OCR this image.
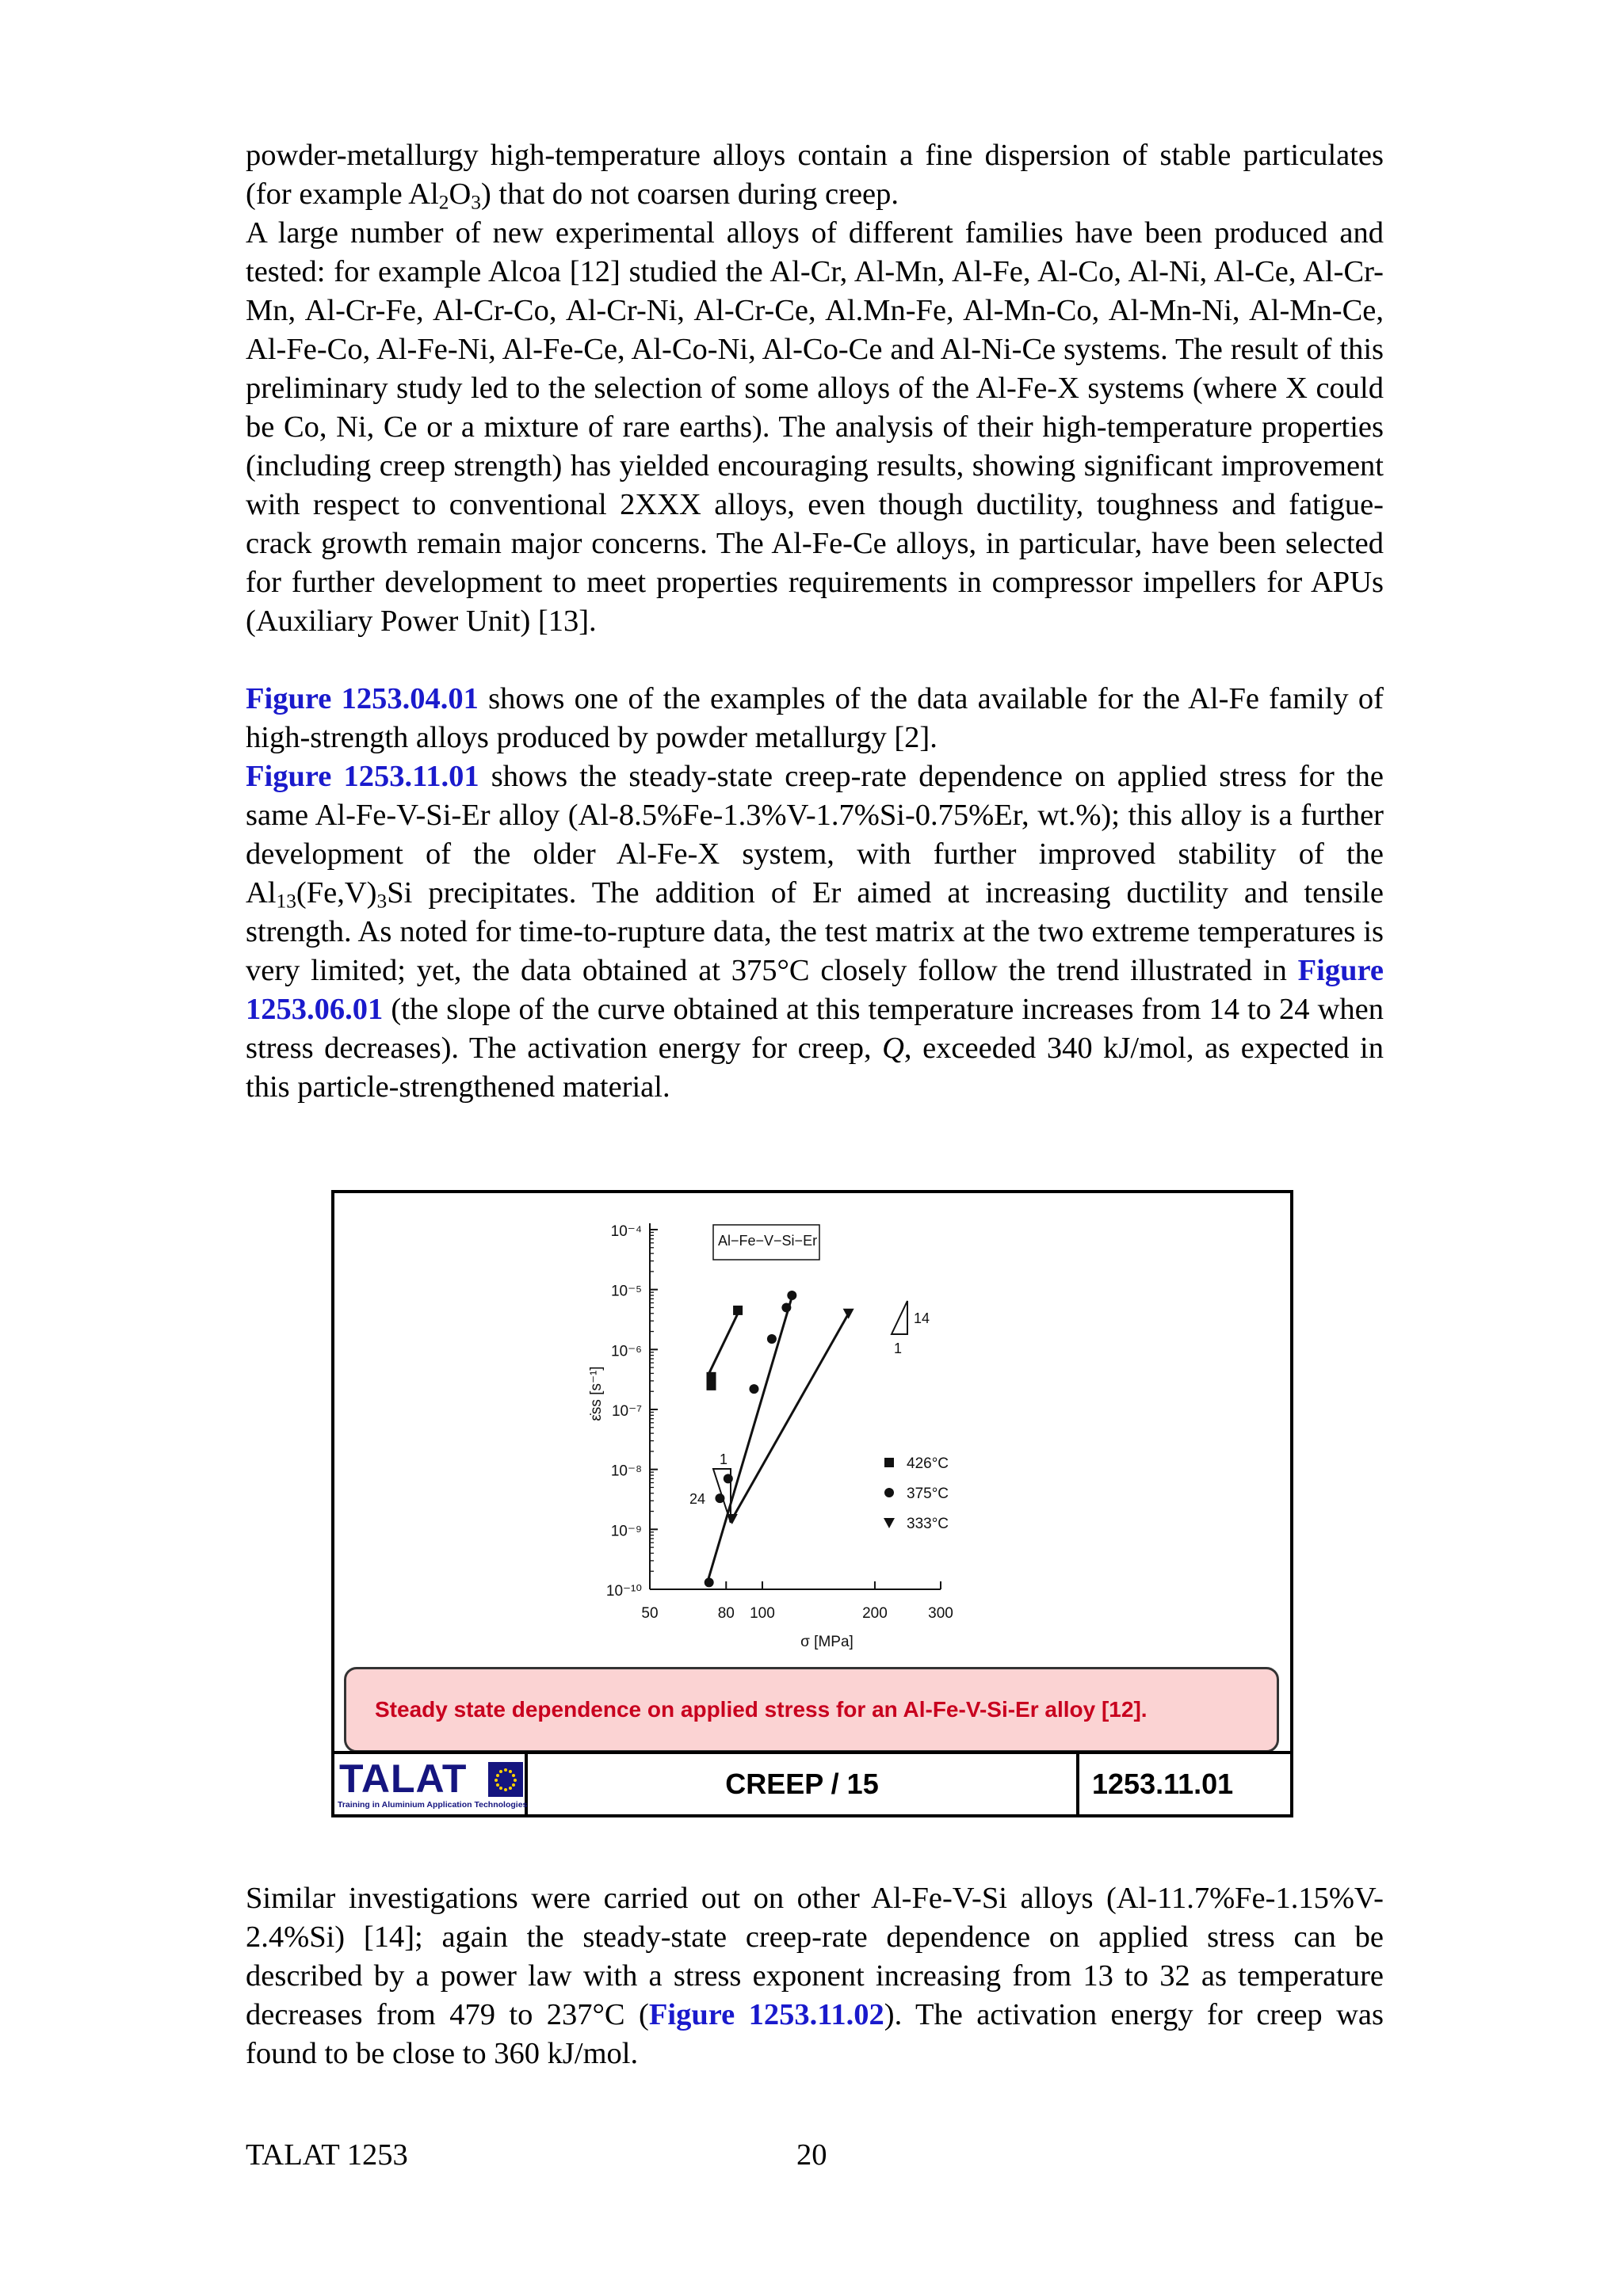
powder-metallurgy high-temperature alloys contain a fine dispersion of stable particulates (for example $Al_2O_3$) that do not coarsen during creep.

A large number of new experimental alloys of different families have been produced and tested: for example Alcoa [12] studied the Al-Cr, Al-Mn, Al-Fe, Al-Co, Al-Ni, Al-Ce, Al-Cr-Mn, Al-Cr-Fe, Al-Cr-Co, Al-Cr-Ni, Al-Cr-Ce, Al.Mn-Fe, Al-Mn-Co, Al-Mn-Ni, Al-Mn-Ce, Al-Fe-Co, Al-Fe-Ni, Al-Fe-Ce, Al-Co-Ni, Al-Co-Ce and Al-Ni-Ce systems. The result of this preliminary study led to the selection of some alloys of the Al-Fe-X systems (where X could be Co, Ni, Ce or a mixture of rare earths). The analysis of their high-temperature properties (including creep strength) has yielded encouraging results, showing significant improvement with respect to conventional 2XXX alloys, even though ductility, toughness and fatigue-crack growth remain major concerns. The Al-Fe-Ce alloys, in particular, have been selected for further development to meet properties requirements in compressor impellers for APUs (Auxiliary Power Unit) [13].

Figure 1253.04.01 shows one of the examples of the data available for the Al-Fe family of high-strength alloys produced by powder metallurgy [2].

Figure 1253.11.01 shows the steady-state creep-rate dependence on applied stress for the same Al-Fe-V-Si-Er alloy (Al-8.5%Fe-1.3%V-1.7%Si-0.75%Er, wt.%); this alloy is a further development of the older Al-Fe-X system, with further improved stability of the $Al_{13}(Fe,V)_3Si$ precipitates. The addition of Er aimed at increasing ductility and tensile strength. As noted for time-to-rupture data, the test matrix at the two extreme temperatures is very limited; yet, the data obtained at 375°C closely follow the trend illustrated in Figure 1253.06.01 (the slope of the curve obtained at this temperature increases from 14 to 24 when stress decreases). The activation energy for creep, Q, exceeded 340 kJ/mol, as expected in this particle-strengthened material.

10⁻⁴
10⁻⁵
10⁻⁶
10⁻⁷
10⁻⁸
10⁻⁹
10⁻¹⁰
50	80 100	200	300
σ [MPa]
ε̇ss [s⁻¹]
Al−Fe−V−Si−Er
426°C
375°C
333°C
14
1
24
1
Steady state dependence on applied stress for an Al-Fe-V-Si-Er alloy [12].
TALAT
Training in Aluminium Application Technologies
CREEP / 15	1253.11.01

Similar investigations were carried out on other Al-Fe-V-Si alloys (Al-11.7%Fe-1.15%V-2.4%Si) [14]; again the steady-state creep-rate dependence on applied stress can be described by a power law with a stress exponent increasing from 13 to 32 as temperature decreases from 479 to 237°C (Figure 1253.11.02). The activation energy for creep was found to be close to 360 kJ/mol.

TALAT 1253	20
